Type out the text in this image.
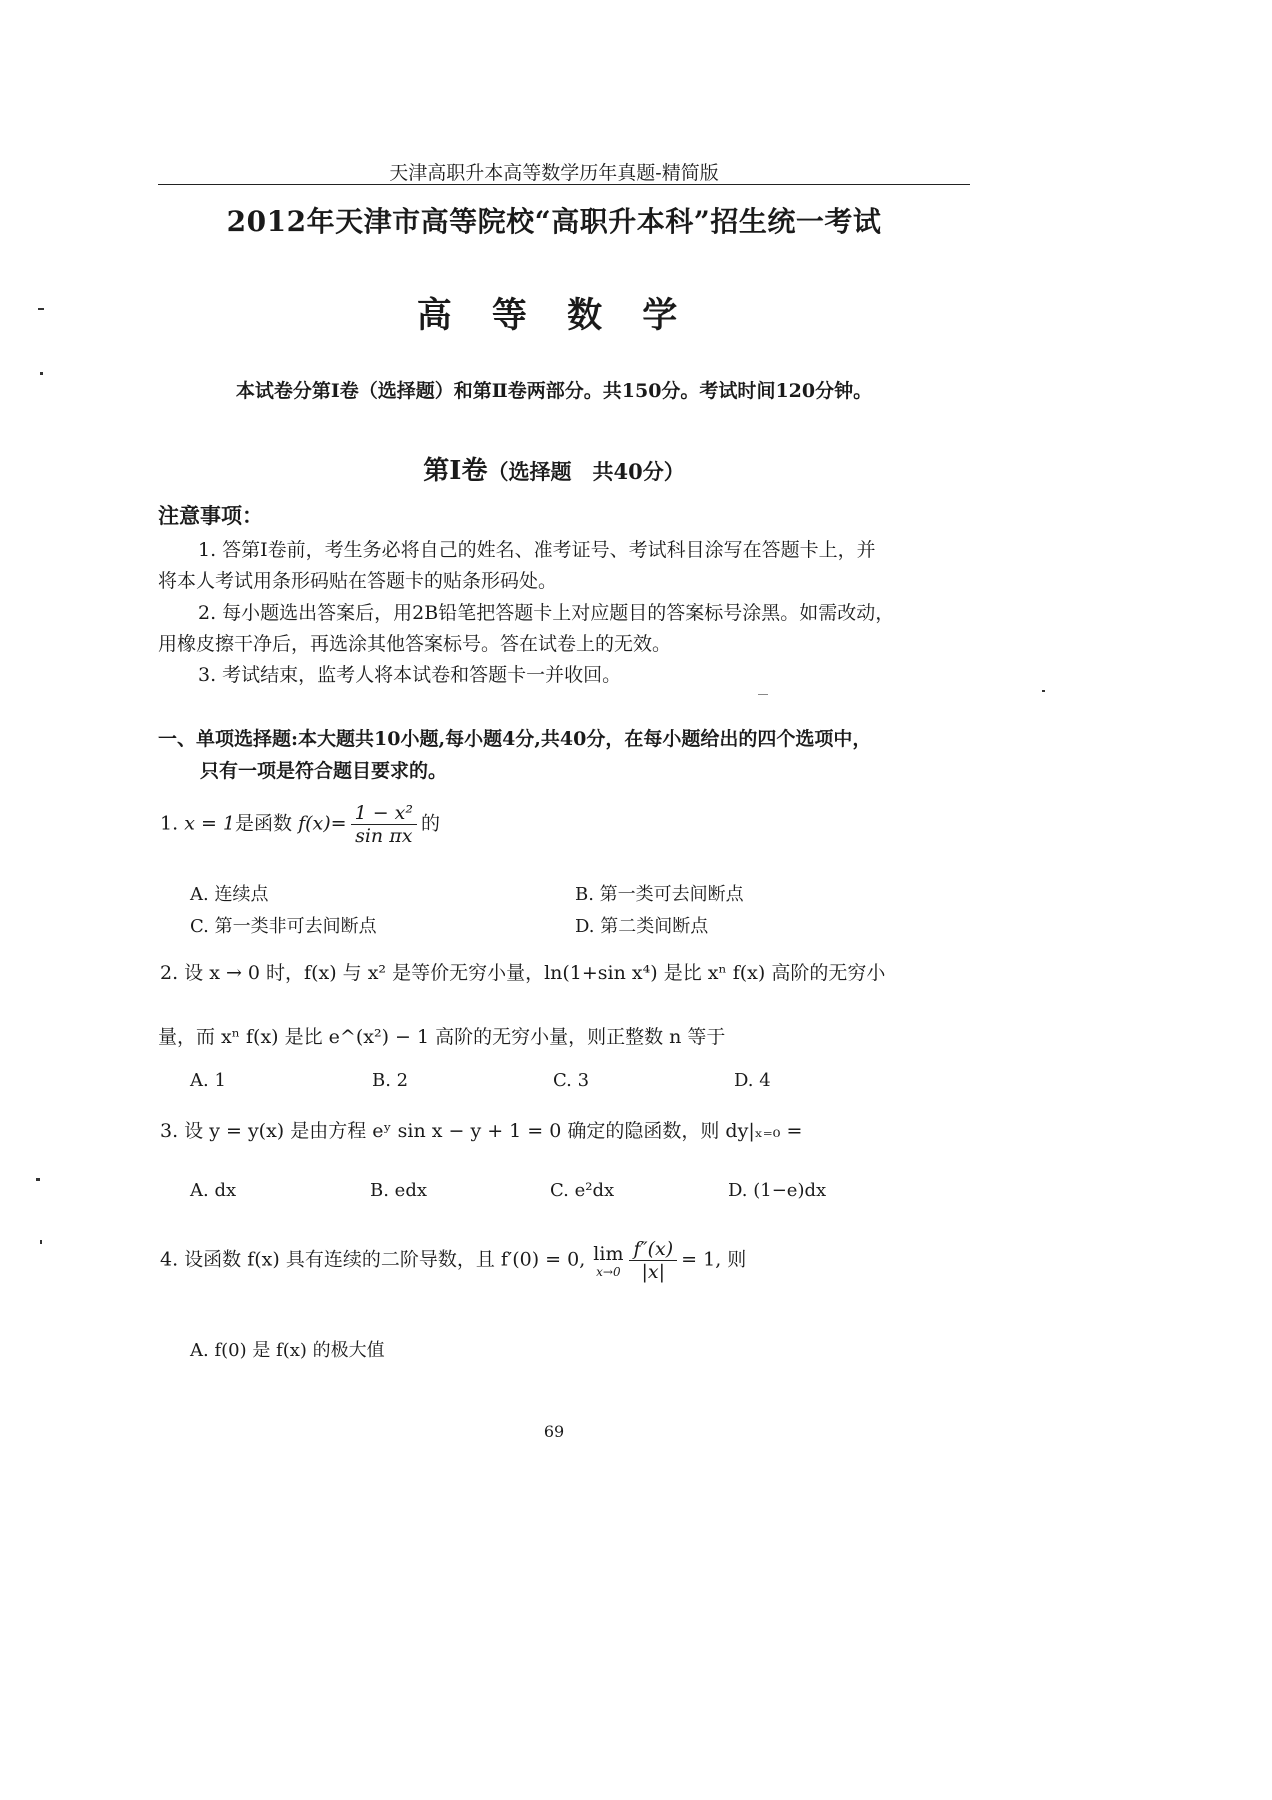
天津高职升本高等数学历年真题-精简版
2012年天津市高等院校“高职升本科”招生统一考试
高 等 数 学
本试卷分第Ⅰ卷（选择题）和第Ⅱ卷两部分。共150分。考试时间120分钟。
第Ⅰ卷（选择题　共40分）
注意事项：
1. 答第Ⅰ卷前，考生务必将自己的姓名、准考证号、考试科目涂写在答题卡上，并
将本人考试用条形码贴在答题卡的贴条形码处。
2. 每小题选出答案后，用2B铅笔把答题卡上对应题目的答案标号涂黑。如需改动，
用橡皮擦干净后，再选涂其他答案标号。答在试卷上的无效。
3. 考试结束，监考人将本试卷和答题卡一并收回。
一、单项选择题:本大题共10小题,每小题4分,共40分，在每小题给出的四个选项中，
只有一项是符合题目要求的。
1. x = 1是函数 $f(x)= \frac{\text{1 − x²}}{\text{sin πx}}$ 的
A. 连续点	B. 第一类可去间断点
C. 第一类非可去间断点	D. 第二类间断点
2. 设 x → 0 时，f(x) 与 x² 是等价无穷小量，ln(1+sin x⁴) 是比 xⁿ f(x) 高阶的无穷小
量，而 xⁿ f(x) 是比 e^(x²) − 1 高阶的无穷小量，则正整数 n 等于
A. 1	B. 2	C. 3	D. 4
3. 设 y = y(x) 是由方程 eʸ sin x − y + 1 = 0 确定的隐函数，则 dy|ₓ₌₀ =
A. dx	B. edx	C. e²dx	D. (1−e)dx
4. 设函数 f(x) 具有连续的二阶导数，且 f′(0) = 0, lim
$x\to 0 \frac{f''(x)}{|x|} = 1$, 则
A. f(0) 是 f(x) 的极大值
69
